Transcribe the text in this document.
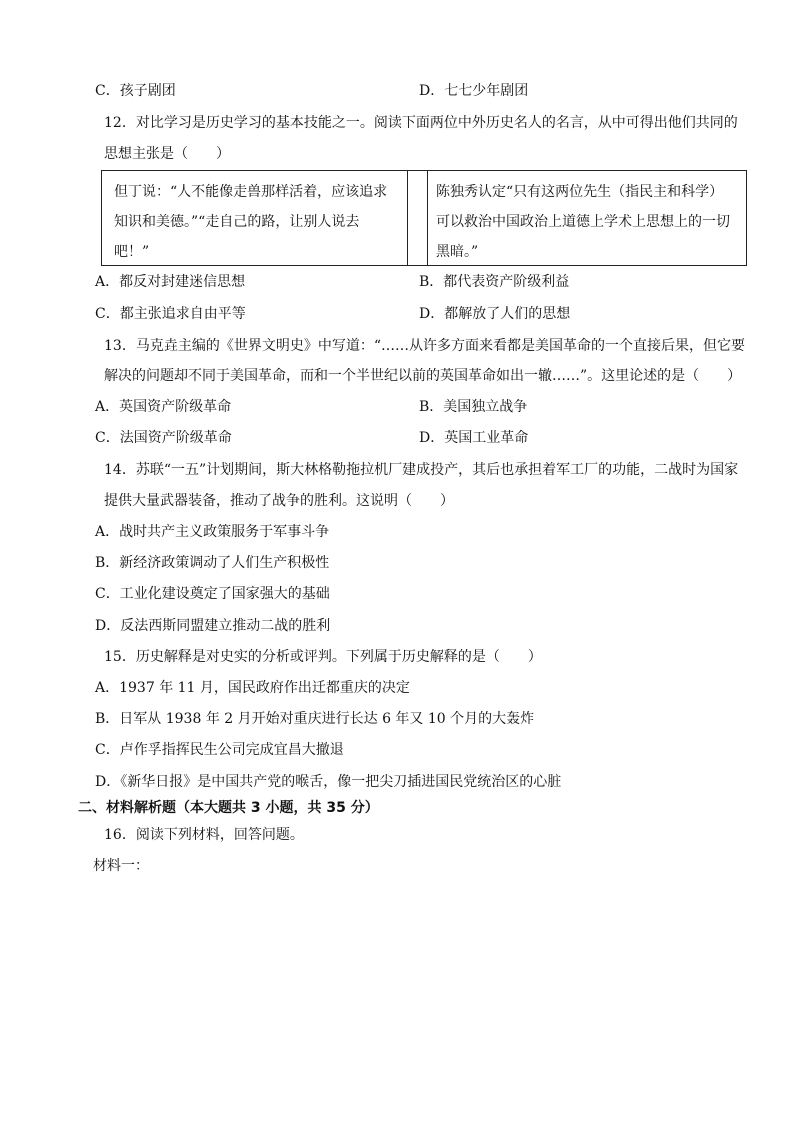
C．孩子剧团	D．七七少年剧团
12．对比学习是历史学习的基本技能之一。阅读下面两位中外历史名人的名言，从中可得出他们共同的
思想主张是（　　）
但丁说：“人不能像走兽那样活着，应该追求
知识和美德。”“走自己的路，让别人说去
吧！”
陈独秀认定“只有这两位先生（指民主和科学）
可以救治中国政治上道德上学术上思想上的一切
黑暗。”
A．都反对封建迷信思想	B．都代表资产阶级利益
C．都主张追求自由平等	D．都解放了人们的思想
13．马克垚主编的《世界文明史》中写道：“……从许多方面来看都是美国革命的一个直接后果，但它要
解决的问题却不同于美国革命，而和一个半世纪以前的英国革命如出一辙……”。这里论述的是（　　）
A．英国资产阶级革命	B．美国独立战争
C．法国资产阶级革命	D．英国工业革命
14．苏联“一五”计划期间，斯大林格勒拖拉机厂建成投产，其后也承担着军工厂的功能，二战时为国家
提供大量武器装备，推动了战争的胜利。这说明（　　）
A．战时共产主义政策服务于军事斗争
B．新经济政策调动了人们生产积极性
C．工业化建设奠定了国家强大的基础
D．反法西斯同盟建立推动二战的胜利
15．历史解释是对史实的分析或评判。下列属于历史解释的是（　　）
A．1937 年 11 月，国民政府作出迁都重庆的决定
B．日军从 1938 年 2 月开始对重庆进行长达 6 年又 10 个月的大轰炸
C．卢作孚指挥民生公司完成宜昌大撤退
D．《新华日报》是中国共产党的喉舌，像一把尖刀插进国民党统治区的心脏
二、材料解析题（本大题共 3 小题，共 35 分）
16．阅读下列材料，回答问题。
材料一：
